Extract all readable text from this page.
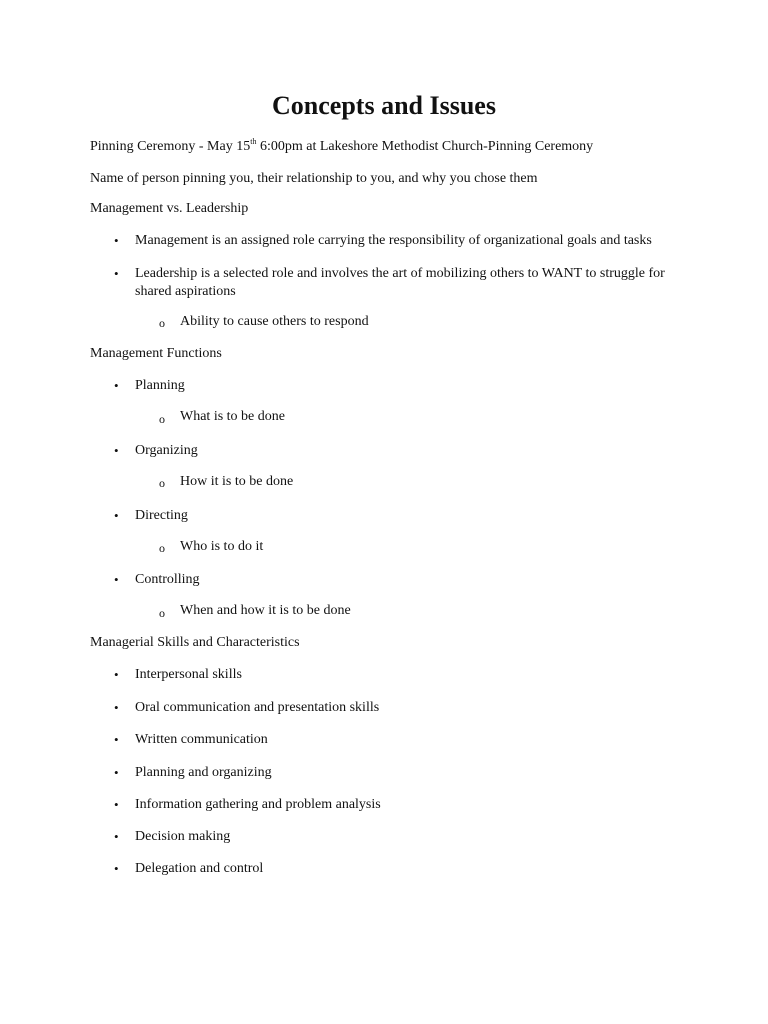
Concepts and Issues

Pinning Ceremony - May 15th 6:00pm at Lakeshore Methodist Church-Pinning Ceremony

Name of person pinning you, their relationship to you, and why you chose them

Management vs. Leadership

• Management is an assigned role carrying the responsibility of organizational goals and tasks

• Leadership is a selected role and involves the art of mobilizing others to WANT to struggle for shared aspirations

o Ability to cause others to respond

Management Functions

• Planning

o What is to be done

• Organizing

o How it is to be done

• Directing

o Who is to do it

• Controlling

o When and how it is to be done

Managerial Skills and Characteristics

• Interpersonal skills

• Oral communication and presentation skills

• Written communication

• Planning and organizing

• Information gathering and problem analysis

• Decision making

• Delegation and control
